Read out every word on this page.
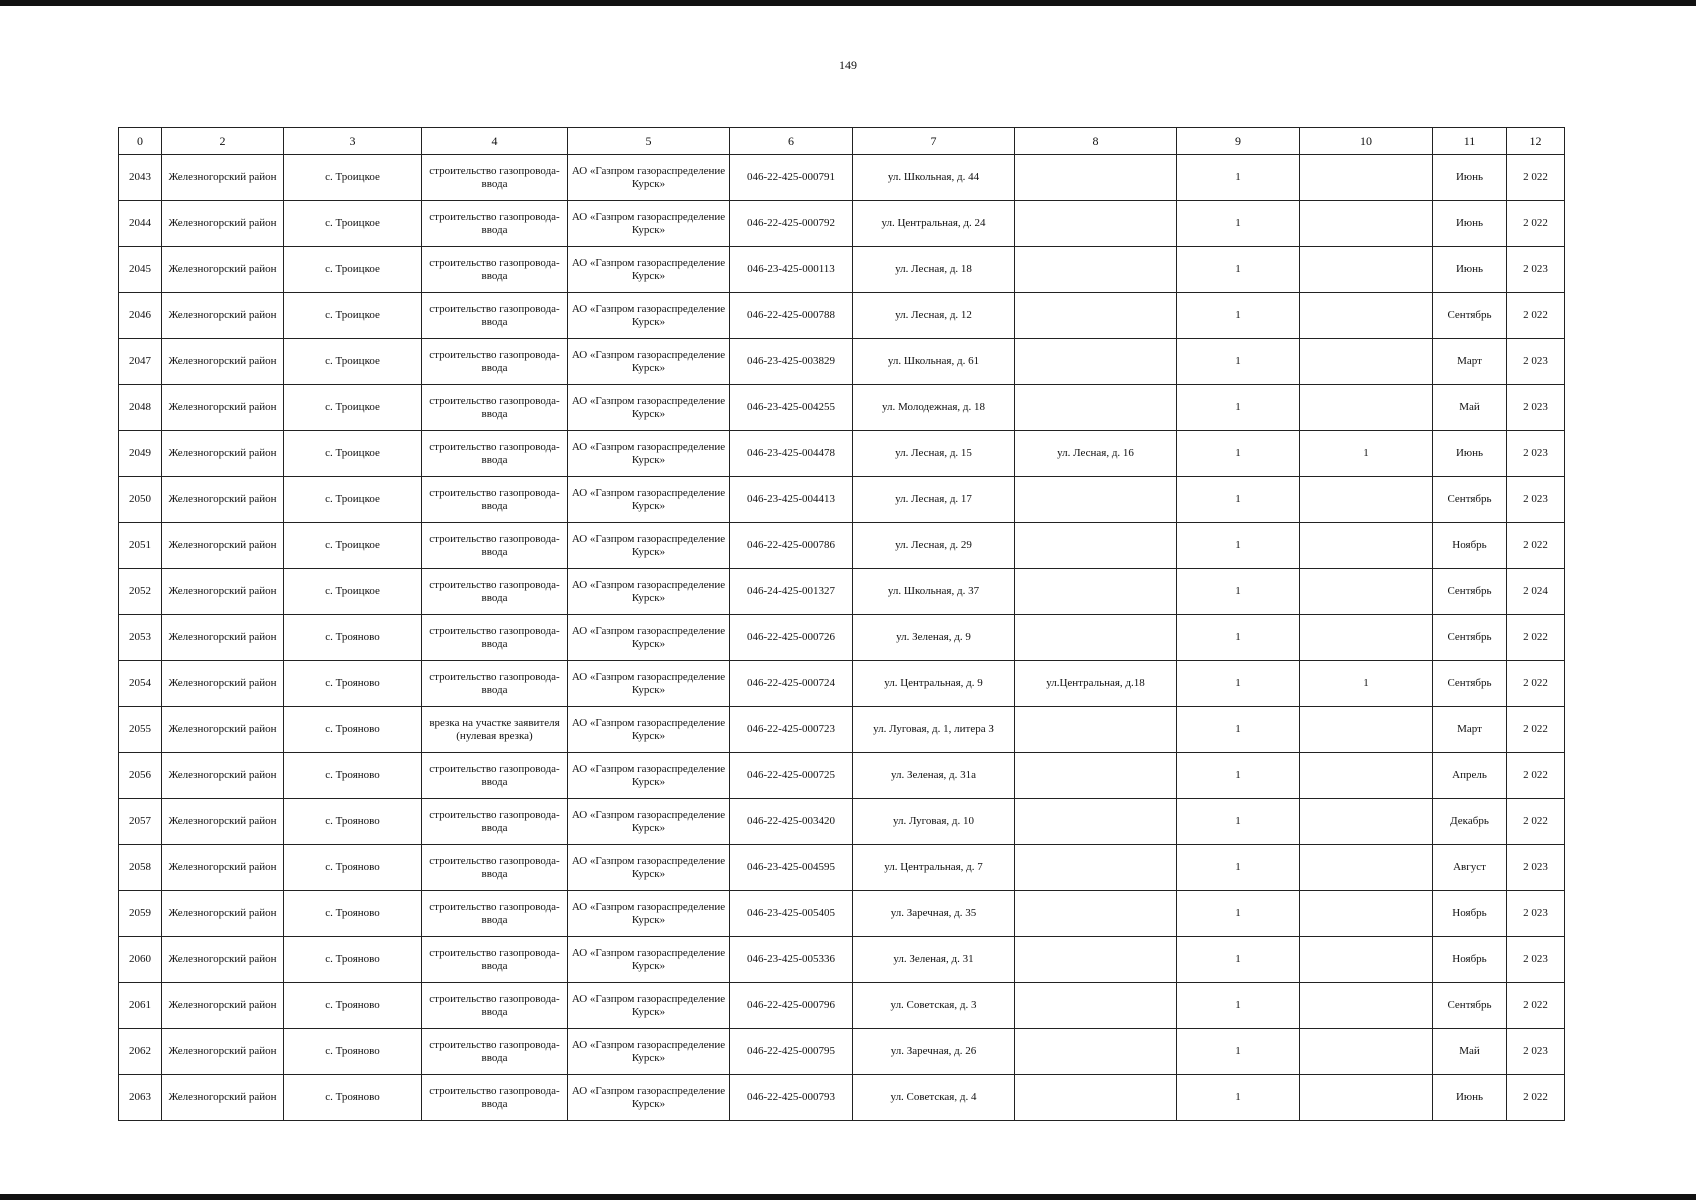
149
0	2	3	4	5	6	7	8	9	10	11	12
2043	Железногорский район	с. Троицкое	строительство газопровода-ввода	АО «Газпром газораспределение Курск»	046-22-425-000791	ул. Школьная, д. 44		1		Июнь	2 022
2044	Железногорский район	с. Троицкое	строительство газопровода-ввода	АО «Газпром газораспределение Курск»	046-22-425-000792	ул. Центральная, д. 24		1		Июнь	2 022
2045	Железногорский район	с. Троицкое	строительство газопровода-ввода	АО «Газпром газораспределение Курск»	046-23-425-000113	ул. Лесная, д. 18		1		Июнь	2 023
2046	Железногорский район	с. Троицкое	строительство газопровода-ввода	АО «Газпром газораспределение Курск»	046-22-425-000788	ул. Лесная, д. 12		1		Сентябрь	2 022
2047	Железногорский район	с. Троицкое	строительство газопровода-ввода	АО «Газпром газораспределение Курск»	046-23-425-003829	ул. Школьная, д. 61		1		Март	2 023
2048	Железногорский район	с. Троицкое	строительство газопровода-ввода	АО «Газпром газораспределение Курск»	046-23-425-004255	ул. Молодежная, д. 18		1		Май	2 023
2049	Железногорский район	с. Троицкое	строительство газопровода-ввода	АО «Газпром газораспределение Курск»	046-23-425-004478	ул. Лесная, д. 15	ул. Лесная, д. 16	1	1	Июнь	2 023
2050	Железногорский район	с. Троицкое	строительство газопровода-ввода	АО «Газпром газораспределение Курск»	046-23-425-004413	ул. Лесная, д. 17		1		Сентябрь	2 023
2051	Железногорский район	с. Троицкое	строительство газопровода-ввода	АО «Газпром газораспределение Курск»	046-22-425-000786	ул. Лесная, д. 29		1		Ноябрь	2 022
2052	Железногорский район	с. Троицкое	строительство газопровода-ввода	АО «Газпром газораспределение Курск»	046-24-425-001327	ул. Школьная, д. 37		1		Сентябрь	2 024
2053	Железногорский район	с. Трояново	строительство газопровода-ввода	АО «Газпром газораспределение Курск»	046-22-425-000726	ул. Зеленая, д. 9		1		Сентябрь	2 022
2054	Железногорский район	с. Трояново	строительство газопровода-ввода	АО «Газпром газораспределение Курск»	046-22-425-000724	ул. Центральная, д. 9	ул.Центральная, д.18	1	1	Сентябрь	2 022
2055	Железногорский район	с. Трояново	врезка на участке заявителя (нулевая врезка)	АО «Газпром газораспределение Курск»	046-22-425-000723	ул. Луговая, д. 1, литера З		1		Март	2 022
2056	Железногорский район	с. Трояново	строительство газопровода-ввода	АО «Газпром газораспределение Курск»	046-22-425-000725	ул. Зеленая, д. 31а		1		Апрель	2 022
2057	Железногорский район	с. Трояново	строительство газопровода-ввода	АО «Газпром газораспределение Курск»	046-22-425-003420	ул. Луговая, д. 10		1		Декабрь	2 022
2058	Железногорский район	с. Трояново	строительство газопровода-ввода	АО «Газпром газораспределение Курск»	046-23-425-004595	ул. Центральная, д. 7		1		Август	2 023
2059	Железногорский район	с. Трояново	строительство газопровода-ввода	АО «Газпром газораспределение Курск»	046-23-425-005405	ул. Заречная, д. 35		1		Ноябрь	2 023
2060	Железногорский район	с. Трояново	строительство газопровода-ввода	АО «Газпром газораспределение Курск»	046-23-425-005336	ул. Зеленая, д. 31		1		Ноябрь	2 023
2061	Железногорский район	с. Трояново	строительство газопровода-ввода	АО «Газпром газораспределение Курск»	046-22-425-000796	ул. Советская, д. 3		1		Сентябрь	2 022
2062	Железногорский район	с. Трояново	строительство газопровода-ввода	АО «Газпром газораспределение Курск»	046-22-425-000795	ул. Заречная, д. 26		1		Май	2 023
2063	Железногорский район	с. Трояново	строительство газопровода-ввода	АО «Газпром газораспределение Курск»	046-22-425-000793	ул. Советская, д. 4		1		Июнь	2 022
